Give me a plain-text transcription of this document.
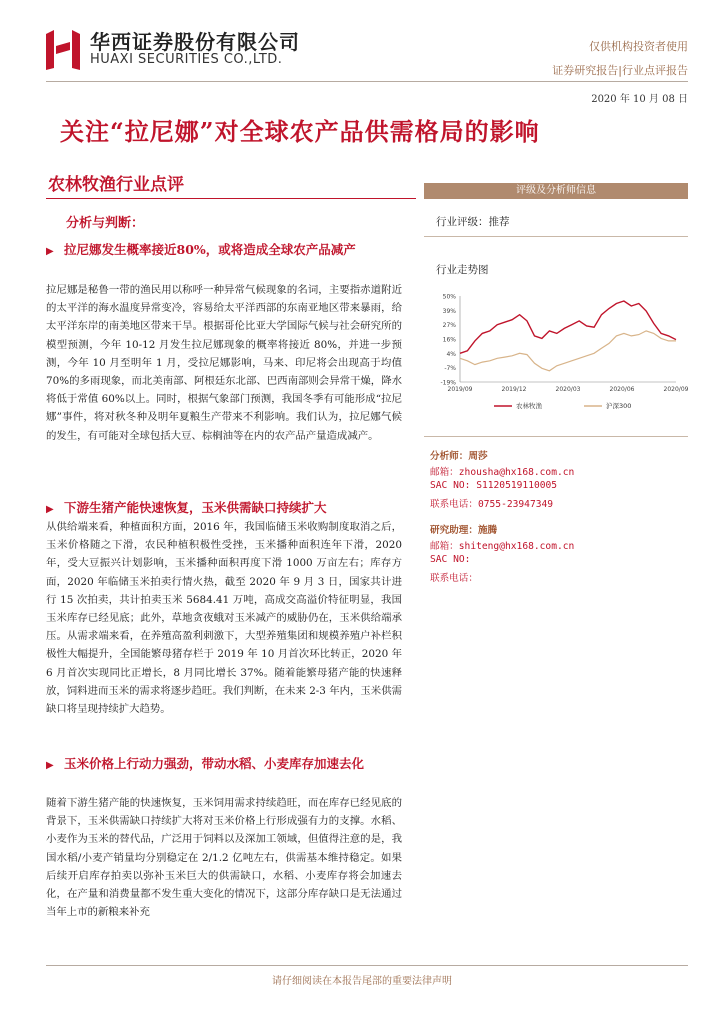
华西证券股份有限公司
HUAXI SECURITIES CO.,LTD.
仅供机构投资者使用
证券研究报告|行业点评报告
2020 年 10 月 08 日
关注“拉尼娜”对全球农产品供需格局的影响
农林牧渔行业点评
分析与判断：
▶ 拉尼娜发生概率接近80%，或将造成全球农产品减产
拉尼娜是秘鲁一带的渔民用以称呼一种异常气候现象的名词，主要指赤道附近的太平洋的海水温度异常变冷，容易给太平洋西部的东南亚地区带来暴雨，给太平洋东岸的南美地区带来干旱。根据哥伦比亚大学国际气候与社会研究所的模型预测，今年 10-12 月发生拉尼娜现象的概率将接近 80%，并进一步预测，今年 10 月至明年 1 月，受拉尼娜影响，马来、印尼将会出现高于均值 70%的多雨现象，而北美南部、阿根廷东北部、巴西南部则会异常干燥，降水将低于常值 60%以上。同时，根据气象部门预测，我国冬季有可能形成“拉尼娜”事件，将对秋冬种及明年夏粮生产带来不利影响。我们认为，拉尼娜气候的发生，有可能对全球包括大豆、棕榈油等在内的农产品产量造成减产。
▶ 下游生猪产能快速恢复，玉米供需缺口持续扩大
从供给端来看，种植面积方面，2016 年，我国临储玉米收购制度取消之后，玉米价格随之下滑，农民种植积极性受挫，玉米播种面积连年下滑，2020 年，受大豆振兴计划影响，玉米播种面积再度下滑 1000 万亩左右；库存方面，2020 年临储玉米拍卖行情火热，截至 2020 年 9 月 3 日，国家共计进行 15 次拍卖，共计拍卖玉米 5684.41 万吨，高成交高溢价特征明显，我国玉米库存已经见底；此外，草地贪夜蛾对玉米减产的威胁仍在，玉米供给端承压。从需求端来看，在养殖高盈利刺激下，大型养殖集团和规模养殖户补栏积极性大幅提升，全国能繁母猪存栏于 2019 年 10 月首次环比转正，2020 年 6 月首次实现同比正增长，8 月同比增长 37%。随着能繁母猪产能的快速释放，饲料进而玉米的需求将逐步趋旺。我们判断，在未来 2-3 年内，玉米供需缺口将呈现持续扩大趋势。
▶ 玉米价格上行动力强劲，带动水稻、小麦库存加速去化
随着下游生猪产能的快速恢复，玉米饲用需求持续趋旺，而在库存已经见底的背景下，玉米供需缺口持续扩大将对玉米价格上行形成强有力的支撑。水稻、小麦作为玉米的替代品，广泛用于饲料以及深加工领域，但值得注意的是，我国水稻/小麦产销量均分别稳定在 2/1.2 亿吨左右，供需基本维持稳定。如果后续开启库存拍卖以弥补玉米巨大的供需缺口，水稻、小麦库存将会加速去化，在产量和消费量都不发生重大变化的情况下，这部分库存缺口是无法通过当年上市的新粮来补充
评级及分析师信息
行业评级：推荐
行业走势图
50%
39%
27%
16%
4%
-7%
-19%
2019/09	2019/12	2020/03	2020/06	2020/09
农林牧渔	沪深300
分析师：周莎
邮箱：zhousha@hx168.com.cn
SAC NO: S1120519110005
联系电话：0755-23947349
研究助理：施腾
邮箱：shiteng@hx168.com.cn
SAC NO:
联系电话：
请仔细阅读在本报告尾部的重要法律声明
